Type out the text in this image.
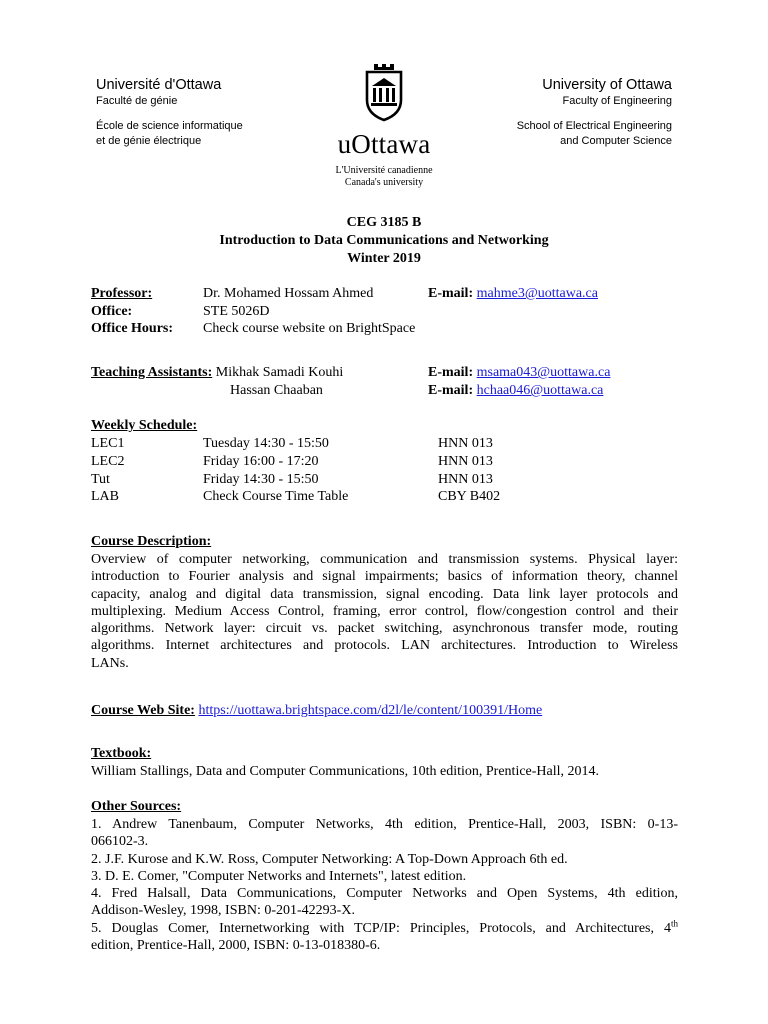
Université d'Ottawa
Faculté de génie
École de science informatique
et de génie électrique	uOttawa
L'Université canadienne
Canada's university
University of Ottawa
Faculty of Engineering
School of Electrical Engineering
and Computer Science
CEG 3185 B
Introduction to Data Communications and Networking
Winter 2019
Professor:	Dr. Mohamed Hossam Ahmed	E-mail: mahme3@uottawa.ca
Office:	STE 5026D
Office Hours: Check course website on BrightSpace
Teaching Assistants: Mikhak Samadi Kouhi	E-mail: msama043@uottawa.ca
Hassan Chaaban	E-mail: hchaa046@uottawa.ca
Weekly Schedule:
LEC1	Tuesday 14:30 - 15:50	HNN 013
LEC2	Friday 16:00 - 17:20	HNN 013
Tut	Friday 14:30 - 15:50	HNN 013
LAB	Check Course Time Table	CBY B402
Course Description:
Overview of computer networking, communication and transmission systems. Physical layer:
introduction to Fourier analysis and signal impairments; basics of information theory, channel
capacity, analog and digital data transmission, signal encoding. Data link layer protocols and
multiplexing. Medium Access Control, framing, error control, flow/congestion control and their
algorithms. Network layer: circuit vs. packet switching, asynchronous transfer mode, routing
algorithms. Internet architectures and protocols. LAN architectures. Introduction to Wireless
LANs.
Course Web Site: https://uottawa.brightspace.com/d2l/le/content/100391/Home
Textbook:
William Stallings, Data and Computer Communications, 10th edition, Prentice-Hall, 2014.
Other Sources:
1. Andrew Tanenbaum, Computer Networks, 4th edition, Prentice-Hall, 2003, ISBN: 0-13-
066102-3.
2. J.F. Kurose and K.W. Ross, Computer Networking: A Top-Down Approach 6th ed.
3. D. E. Comer, "Computer Networks and Internets", latest edition.
4. Fred Halsall, Data Communications, Computer Networks and Open Systems, 4th edition,
Addison-Wesley, 1998, ISBN: 0-201-42293-X.
5. Douglas Comer, Internetworking with TCP/IP: Principles, Protocols, and Architectures, 4th
edition, Prentice-Hall, 2000, ISBN: 0-13-018380-6.
